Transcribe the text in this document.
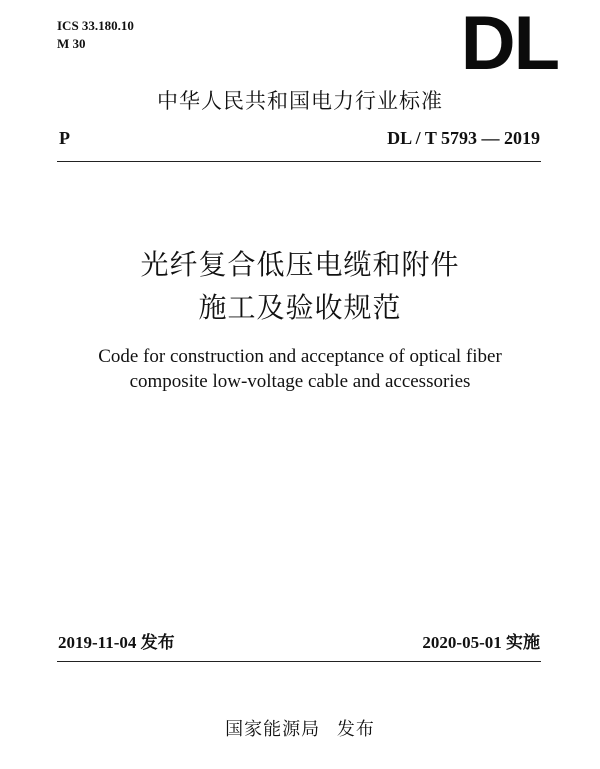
ICS 33.180.10
M 30	DL
中华人民共和国电力行业标准
P	DL / T 5793 — 2019
光纤复合低压电缆和附件
施工及验收规范
Code for construction and acceptance of optical fiber
composite low-voltage cable and accessories
2019-11-04 发布	2020-05-01 实施
国家能源局 发布
